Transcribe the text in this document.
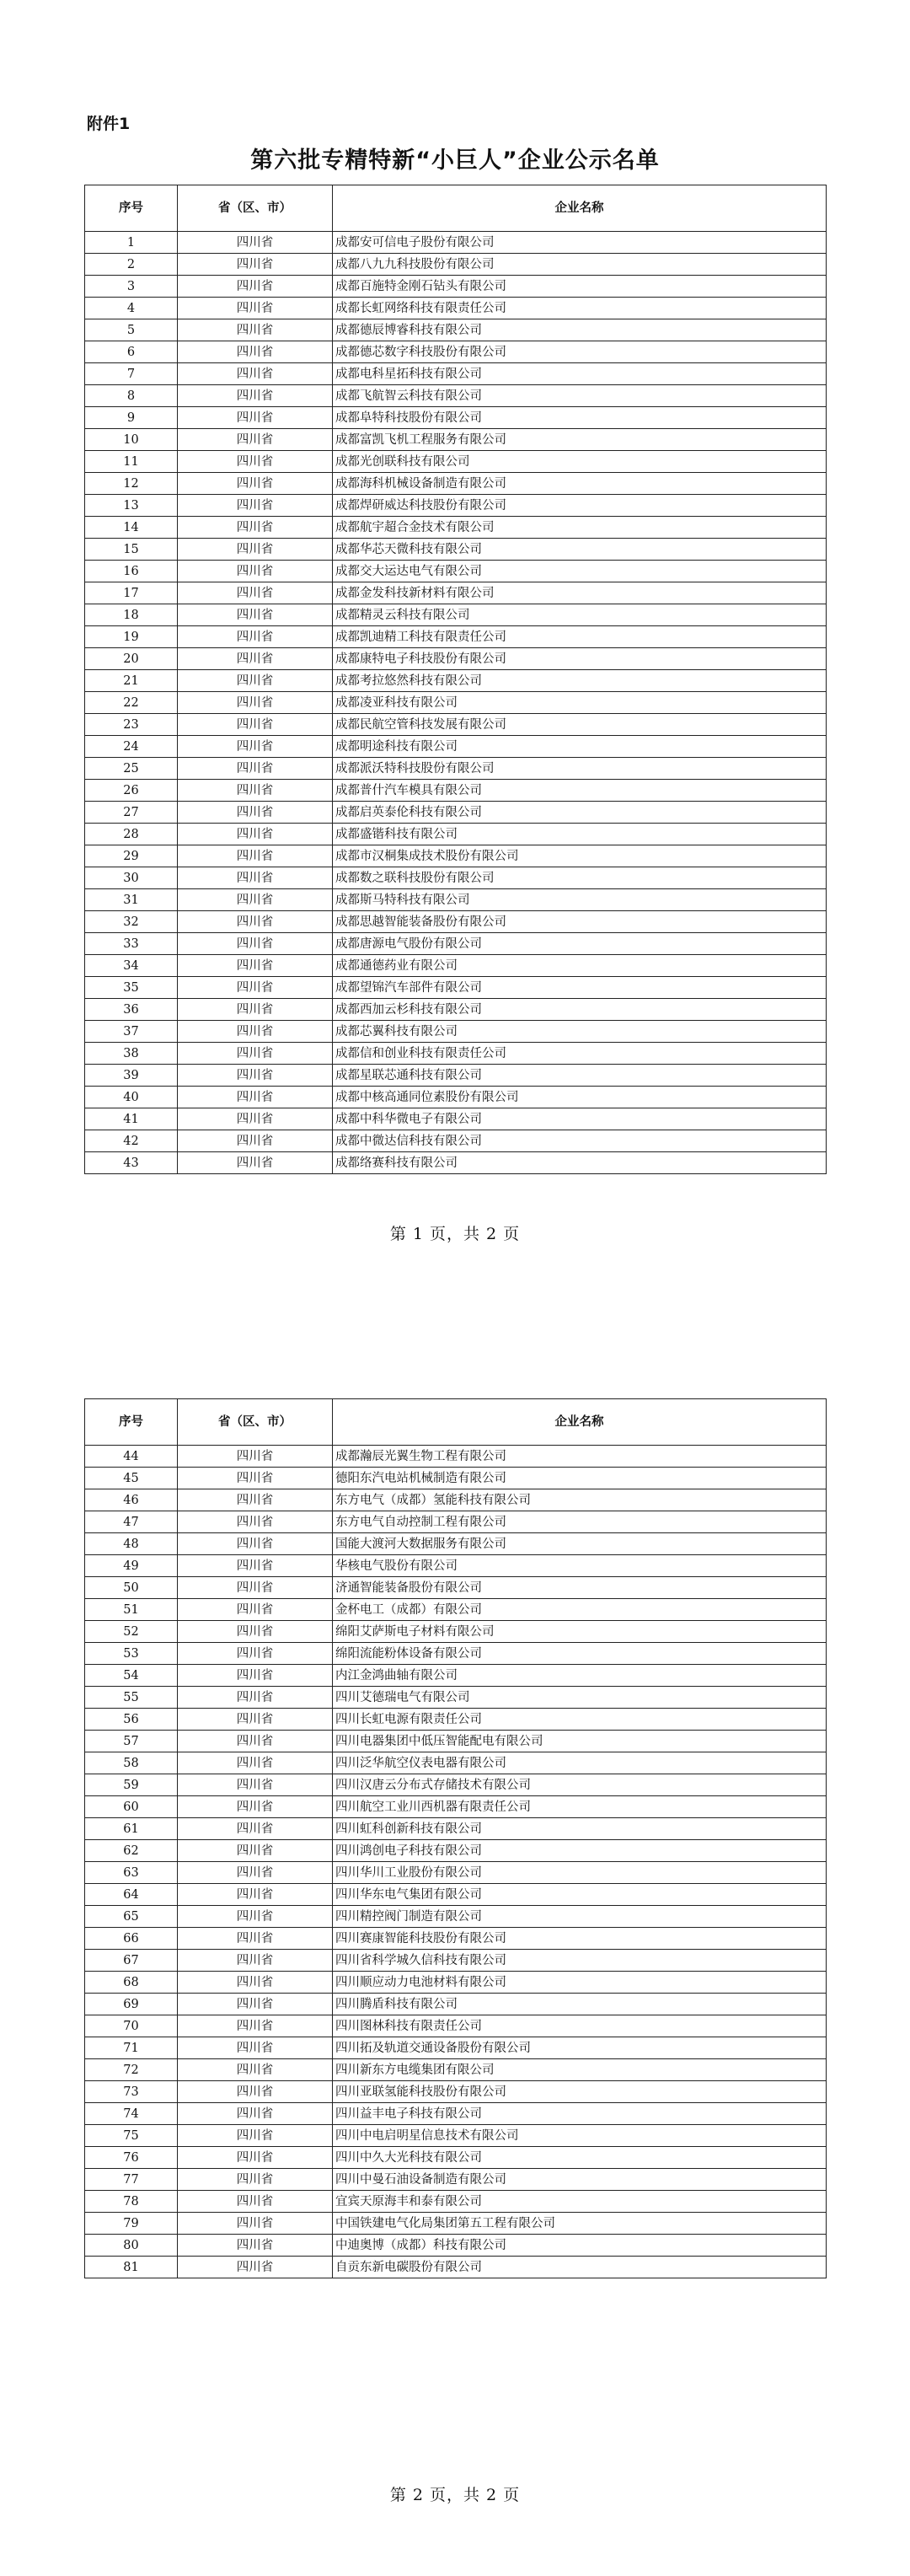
附件1
第六批专精特新“小巨人”企业公示名单
序号	省（区、市）	企业名称
1	四川省	成都安可信电子股份有限公司
2	四川省	成都八九九科技股份有限公司
3	四川省	成都百施特金刚石钻头有限公司
4	四川省	成都长虹网络科技有限责任公司
5	四川省	成都德辰博睿科技有限公司
6	四川省	成都德芯数字科技股份有限公司
7	四川省	成都电科星拓科技有限公司
8	四川省	成都飞航智云科技有限公司
9	四川省	成都阜特科技股份有限公司
10	四川省	成都富凯飞机工程服务有限公司
11	四川省	成都光创联科技有限公司
12	四川省	成都海科机械设备制造有限公司
13	四川省	成都焊研威达科技股份有限公司
14	四川省	成都航宇超合金技术有限公司
15	四川省	成都华芯天微科技有限公司
16	四川省	成都交大运达电气有限公司
17	四川省	成都金发科技新材料有限公司
18	四川省	成都精灵云科技有限公司
19	四川省	成都凯迪精工科技有限责任公司
20	四川省	成都康特电子科技股份有限公司
21	四川省	成都考拉悠然科技有限公司
22	四川省	成都凌亚科技有限公司
23	四川省	成都民航空管科技发展有限公司
24	四川省	成都明途科技有限公司
25	四川省	成都派沃特科技股份有限公司
26	四川省	成都普什汽车模具有限公司
27	四川省	成都启英泰伦科技有限公司
28	四川省	成都盛锴科技有限公司
29	四川省	成都市汉桐集成技术股份有限公司
30	四川省	成都数之联科技股份有限公司
31	四川省	成都斯马特科技有限公司
32	四川省	成都思越智能装备股份有限公司
33	四川省	成都唐源电气股份有限公司
34	四川省	成都通德药业有限公司
35	四川省	成都望锦汽车部件有限公司
36	四川省	成都西加云杉科技有限公司
37	四川省	成都芯翼科技有限公司
38	四川省	成都信和创业科技有限责任公司
39	四川省	成都星联芯通科技有限公司
40	四川省	成都中核高通同位素股份有限公司
41	四川省	成都中科华微电子有限公司
42	四川省	成都中微达信科技有限公司
43	四川省	成都络赛科技有限公司
第 1 页，共 2 页
序号	省（区、市）	企业名称
44	四川省	成都瀚辰光翼生物工程有限公司
45	四川省	德阳东汽电站机械制造有限公司
46	四川省	东方电气（成都）氢能科技有限公司
47	四川省	东方电气自动控制工程有限公司
48	四川省	国能大渡河大数据服务有限公司
49	四川省	华核电气股份有限公司
50	四川省	济通智能装备股份有限公司
51	四川省	金杯电工（成都）有限公司
52	四川省	绵阳艾萨斯电子材料有限公司
53	四川省	绵阳流能粉体设备有限公司
54	四川省	内江金鸿曲轴有限公司
55	四川省	四川艾德瑞电气有限公司
56	四川省	四川长虹电源有限责任公司
57	四川省	四川电器集团中低压智能配电有限公司
58	四川省	四川泛华航空仪表电器有限公司
59	四川省	四川汉唐云分布式存储技术有限公司
60	四川省	四川航空工业川西机器有限责任公司
61	四川省	四川虹科创新科技有限公司
62	四川省	四川鸿创电子科技有限公司
63	四川省	四川华川工业股份有限公司
64	四川省	四川华东电气集团有限公司
65	四川省	四川精控阀门制造有限公司
66	四川省	四川赛康智能科技股份有限公司
67	四川省	四川省科学城久信科技有限公司
68	四川省	四川顺应动力电池材料有限公司
69	四川省	四川腾盾科技有限公司
70	四川省	四川图林科技有限责任公司
71	四川省	四川拓及轨道交通设备股份有限公司
72	四川省	四川新东方电缆集团有限公司
73	四川省	四川亚联氢能科技股份有限公司
74	四川省	四川益丰电子科技有限公司
75	四川省	四川中电启明星信息技术有限公司
76	四川省	四川中久大光科技有限公司
77	四川省	四川中曼石油设备制造有限公司
78	四川省	宜宾天原海丰和泰有限公司
79	四川省	中国铁建电气化局集团第五工程有限公司
80	四川省	中迪奥博（成都）科技有限公司
81	四川省	自贡东新电碳股份有限公司
第 2 页，共 2 页
